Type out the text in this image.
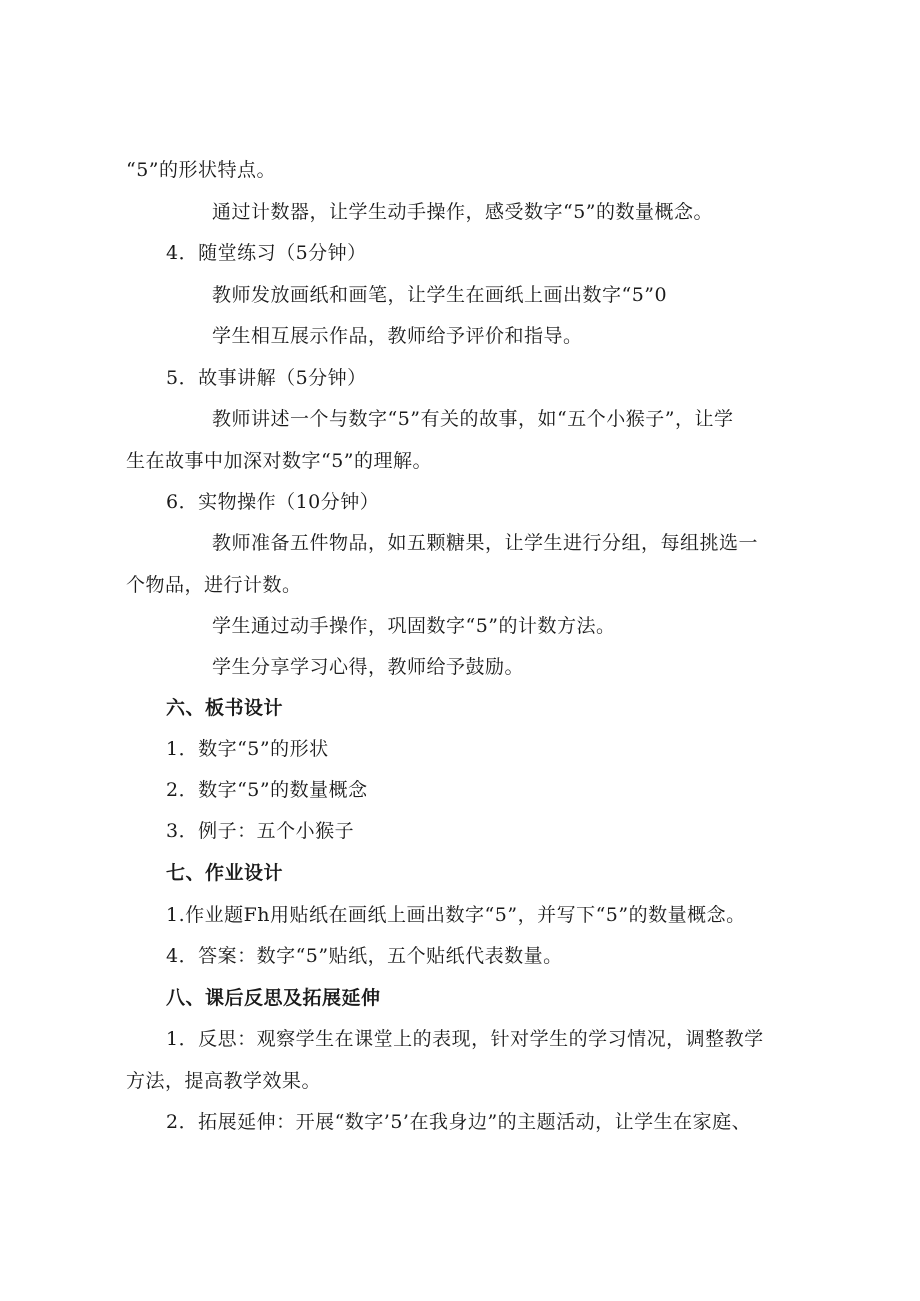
“5”的形状特点。
通过计数器，让学生动手操作，感受数字“5”的数量概念。
4．随堂练习（5分钟）
教师发放画纸和画笔，让学生在画纸上画出数字“5”0
学生相互展示作品，教师给予评价和指导。
5．故事讲解（5分钟）
教师讲述一个与数字“5”有关的故事，如“五个小猴子”，让学
生在故事中加深对数字“5”的理解。
6．实物操作（10分钟）
教师准备五件物品，如五颗糖果，让学生进行分组，每组挑选一
个物品，进行计数。
学生通过动手操作，巩固数字“5”的计数方法。
学生分享学习心得，教师给予鼓励。
六、板书设计
1．数字“5”的形状
2．数字“5”的数量概念
3．例子：五个小猴子
七、作业设计
1.作业题Fh用贴纸在画纸上画出数字“5”，并写下“5”的数量概念。
4．答案：数字“5”贴纸，五个贴纸代表数量。
八、课后反思及拓展延伸
1．反思：观察学生在课堂上的表现，针对学生的学习情况，调整教学
方法，提高教学效果。
2．拓展延伸：开展“数字’5’在我身边”的主题活动，让学生在家庭、
